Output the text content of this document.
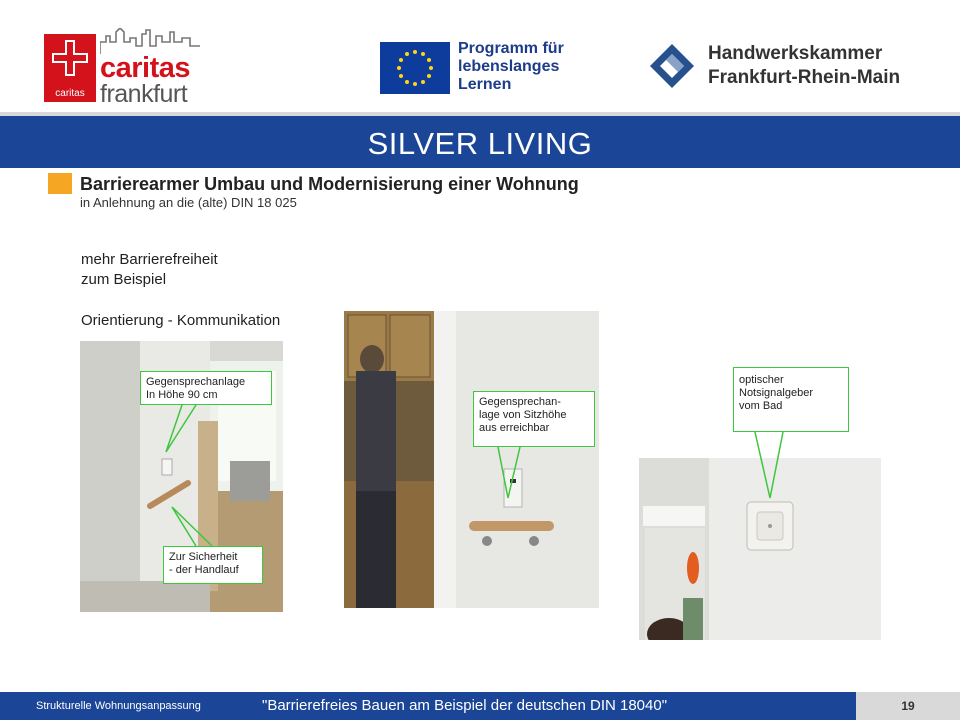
caritas
caritas
frankfurt
Programm für
lebenslanges
Lernen
Handwerkskammer
Frankfurt-Rhein-Main
SILVER LIVING
Barrierearmer Umbau und Modernisierung einer Wohnung
in Anlehnung an die (alte) DIN 18 025
mehr Barrierefreiheit
zum Beispiel
Orientierung - Kommunikation
Gegensprechanlage
In Höhe 90 cm
Zur Sicherheit
- der Handlauf
Gegensprechan-
lage von Sitzhöhe
aus erreichbar
optischer
Notsignalgeber
vom Bad
Strukturelle Wohnungsanpassung	"Barrierefreies Bauen am Beispiel der deutschen DIN 18040"	19
